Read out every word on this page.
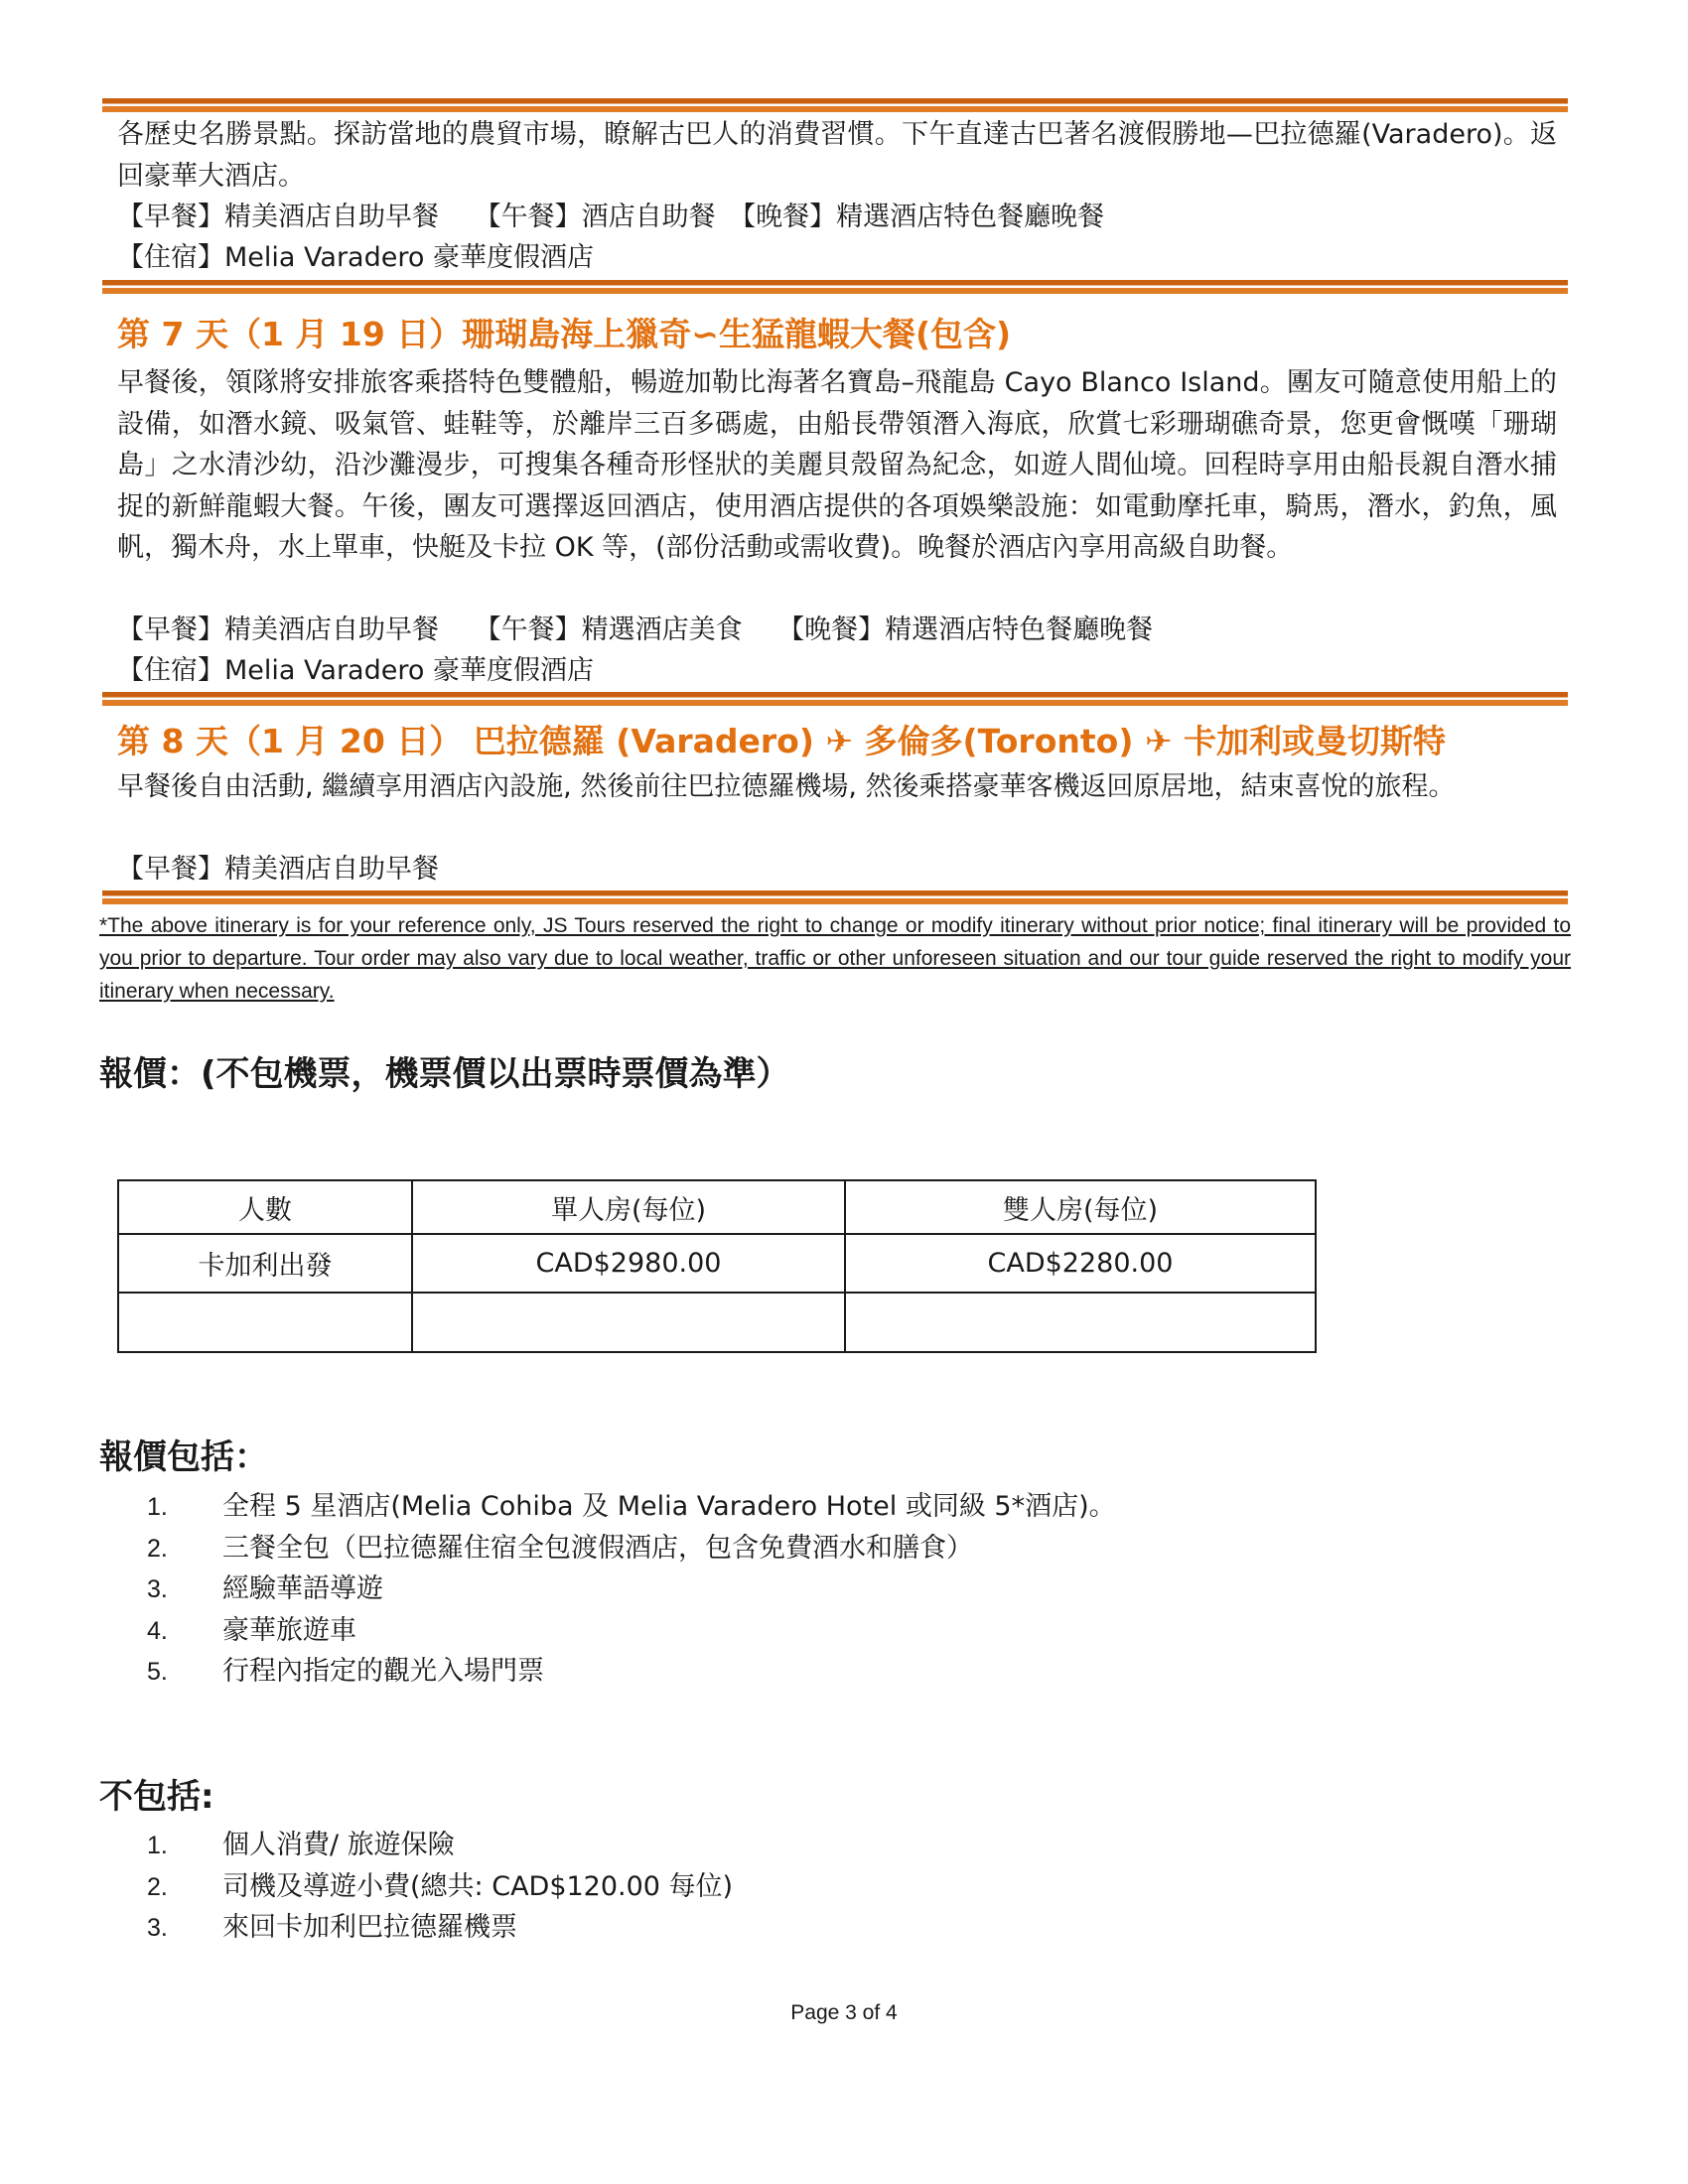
各歷史名勝景點。探訪當地的農貿市場，瞭解古巴人的消費習慣。下午直達古巴著名渡假勝地—巴拉德羅(Varadero)。返回豪華大酒店。

【早餐】精美酒店自助早餐　 【午餐】酒店自助餐　【晚餐】精選酒店特色餐廳晚餐
【住宿】Melia Varadero 豪華度假酒店
第 7 天（1 月 19 日）珊瑚島海上獵奇∽生猛龍蝦大餐(包含)

早餐後，領隊將安排旅客乘搭特色雙體船，暢遊加勒比海著名寶島–飛龍島 Cayo Blanco Island。團友可隨意使用船上的設備，如潛水鏡、吸氣管、蛙鞋等，於離岸三百多碼處，由船長帶領潛入海底，欣賞七彩珊瑚礁奇景，您更會慨嘆「珊瑚島」之水清沙幼，沿沙灘漫步，可搜集各種奇形怪狀的美麗貝殼留為紀念，如遊人間仙境。回程時享用由船長親自潛水捕捉的新鮮龍蝦大餐。午後，團友可選擇返回酒店，使用酒店提供的各項娛樂設施：如電動摩托車，騎馬，潛水，釣魚，風帆，獨木舟，水上單車，快艇及卡拉 OK 等，(部份活動或需收費)。晚餐於酒店內享用高級自助餐。

【早餐】精美酒店自助早餐　 【午餐】精選酒店美食　 【晚餐】精選酒店特色餐廳晚餐
【住宿】Melia Varadero 豪華度假酒店
第 8 天（1 月 20 日） 巴拉德羅 (Varadero) ✈ 多倫多(Toronto) ✈ 卡加利或曼切斯特

早餐後自由活動, 繼續享用酒店內設施, 然後前往巴拉德羅機場, 然後乘搭豪華客機返回原居地，結束喜悅的旅程。

【早餐】精美酒店自助早餐

*The above itinerary is for your reference only, JS Tours reserved the right to change or modify itinerary without prior notice; final itinerary will be provided to you prior to departure. Tour order may also vary due to local weather, traffic or other unforeseen situation and our tour guide reserved the right to modify your itinerary when necessary.

報價：(不包機票，機票價以出票時票價為準）
人數	單人房(每位)	雙人房(每位)
卡加利出發	CAD$2980.00	CAD$2280.00

報價包括：
1. 全程 5 星酒店(Melia Cohiba 及 Melia Varadero Hotel 或同級 5*酒店)。
2. 三餐全包（巴拉德羅住宿全包渡假酒店，包含免費酒水和膳食）
3. 經驗華語導遊
4. 豪華旅遊車
5. 行程內指定的觀光入場門票
不包括:
1. 個人消費/ 旅遊保險
2. 司機及導遊小費(總共: CAD$120.00 每位)
3. 來回卡加利巴拉德羅機票
Page 3 of 4
